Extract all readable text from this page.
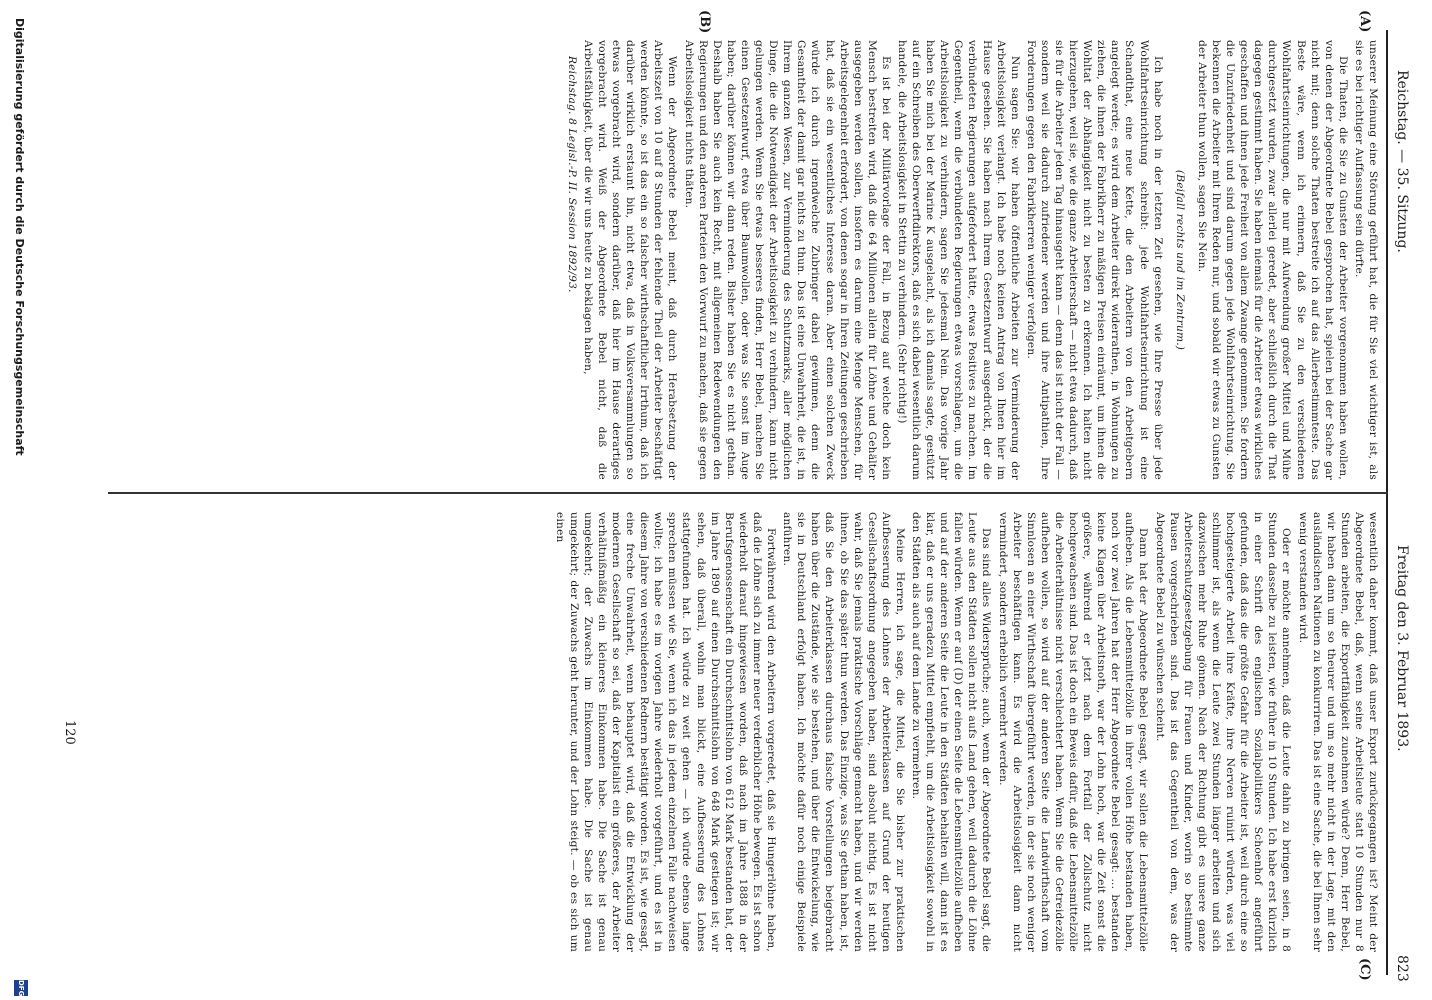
Reichstag. — 35. Sitzung.
Freitag den 3. Februar 1893.
823
(A)
(B)
(C)

unserer Meinung eine Störung geführt hat, die für Sie viel wichtiger ist, als sie es bei richtiger Auffassung sein dürfte.

Die Thaten, die Sie zu Gunsten der Arbeiter vorgenommen haben wollen, von denen der Abgeordnete Bebel gesprochen hat, spielen bei der Sache gar nicht mit; denn solche Thaten bestreite ich auf das Allerbestimmteste. Das Beste wäre, wenn ich erinnern, daß Sie zu den verschiedenen Wohlfahrtseinrichtungen, die nur mit Aufwendung großer Mittel und Mühe durchgesetzt wurden, zwar allerlei geredet, aber schließlich durch die That dagegen gestimmt haben. Sie haben niemals für die Arbeiter etwas wirkliches geschaffen und ihnen jede Freiheit von allem Zwange genommen. Sie fordern die Unzufriedenheit und sind darum gegen jede Wohlfahrtseinrichtung. Sie bekennen die Arbeiter mit Ihren Reden nur, und sobald wir etwas zu Gunsten der Arbeiter thun wollen, sagen Sie Nein.

(Beifall rechts und im Zentrum.)

Ich habe noch in der letzten Zeit gesehen, wie Ihre Presse über jede Wohlfahrtseinrichtung schreibt: jede Wohlfahrtseinrichtung ist eine Schandthat, eine neue Kette, die den Arbeitern von den Arbeitgebern angelegt werde; es wird dem Arbeiter direkt widerrathen, in Wohnungen zu ziehen, die ihnen der Fabrikherr zu mäßigen Preisen einräumt, um ihnen die Wohltat der Abhängigkeit nicht zu besten zu erkennen. Ich halten nicht hierzugehen, weil sie, wie die ganze Arbeiterschaft — nicht etwa dadurch, daß sie für die Arbeiter jeden Tag hinausgeht kann — denn das ist nicht der Fall — sondern weil sie dadurch zufriedener werden und ihre Antipathien, Ihre Forderungen gegen den Fabrikherren weniger verfolgen.

Nun sagen Sie: wir haben öffentliche Arbeiten zur Verminderung der Arbeitslosigkeit verlangt. Ich habe noch keinen Antrag von Ihnen hier im Hause gesehen. Sie haben nach Ihrem Gesetzentwurf ausgedrückt, der die verbündeten Regierungen aufgefordert hätte, etwas Positives zu machen. Im Gegentheil, wenn die verbündeten Regierungen etwas vorschlagen, um die Arbeitslosigkeit zu verhindern, sagen Sie jedesmal Nein. Das vorige Jahr haben Sie mich bei der Marine K ausgelacht, als ich damals sagte, gestützt auf ein Schreiben des Oberwerftdirektors, daß es sich dabei wesentlich darum handele, die Arbeitslosigkeit in Stettin zu verhindern. (Sehr richtig!)

Es ist bei der Militärvorlage der Fall, in Bezug auf welche doch kein Mensch bestreiten wird, daß die 64 Millionen allein für Löhne und Gehälter ausgegeben werden sollen, insofern es darum eine Menge Menschen, für Arbeitsgelegenheit erfordert, von denen sogar in Ihren Zeitungen geschrieben hat, daß sie ein wesentliches Interesse daran. Aber einen solchen Zweck würde ich durch irgendwelche Zubringer dabei gewinnen, denn die Gesamtheit der damit gar nichts zu thun. Das ist eine Unwahrheit, die ist, in Ihrem ganzen Wesen, zur Verminderung des Schutzmarks, aller möglichen Dinge, die die Notwendigkeit der Arbeitslosigkeit zu verhindern, kann nicht gelungen werden. Wenn Sie etwas besseres finden, Herr Bebel, machen Sie einen Gesetzentwurf, etwa über Baumwollen, oder was Sie sonst im Auge haben; darüber können wir dann reden. Bisher haben Sie es nicht gethan. Deshalb haben Sie auch kein Recht, mit allgemeinen Redewendungen den Regierungen und den anderen Parteien den Vorwurf zu machen, daß sie gegen Arbeitslosigkeit nichts thäten.

Wenn der Abgeordnete Bebel meint, daß durch Herabsetzung der Arbeitszeit von 10 auf 8 Stunden der fehlende Theil der Arbeiter beschäftigt werden könnte, so ist das ein so falscher wirthschaftlicher Irrthum, daß ich darüber wirklich erstaunt bin, nicht etwa, daß in Volksversammlungen so etwas vorgebracht wird, sondern darüber, daß hier im Hause derartiges vorgebracht wird. Weiß der Abgeordnete Bebel nicht, daß die Arbeitsfähigkeit, über die wir uns heute zu beklagen haben,

Reichstag. 8 Legisl.-P. II. Session 1892/93.

wesentlich daher kommt, daß unser Export zurückgegangen ist? Meint der Abgeordnete Bebel, daß, wenn seine Arbeitsleute statt 10 Stunden nur 8 Stunden arbeiten, die Exportfähigkeit zunehmen würde? Denn, Herr Bebel, wir haben dann um so theurer und um so mehr nicht in der Lage, mit den ausländischen Nationen zu konkurriren. Das ist eine Sache, die bei Ihnen sehr wenig verstanden wird.

Oder er möchte annehmen, daß die Leute dahin zu bringen seien, in 8 Stunden dasselbe zu leisten, wie früher in 10 Stunden. Ich habe erst kürzlich in einer Schrift des englischen Sozialpolitikers Schoenhof angeführt gefunden, daß das die größte Gefahr für die Arbeiter ist, weil durch eine so hochgesteigerte Arbeit ihre Kräfte, ihre Nerven ruinirt würden, was viel schlimmer ist, als wenn die Leute zwei Stunden länger arbeiten und sich dazwischen mehr Ruhe gönnen. Nach der Richtung gibt es unsere ganze Arbeiterschutzgesetzgebung für Frauen und Kinder, worin so bestimmte Pausen vorgeschrieben sind. Das ist das Gegentheil von dem, was der Abgeordnete Bebel zu wünschen scheint.

Dann hat der Abgeordnete Bebel gesagt, wir sollen die Lebensmittelzölle aufheben. Als die Lebensmittelzölle in ihrer vollen Höhe bestanden haben, noch vor zwei Jahren hat der Herr Abgeordnete Bebel gesagt: ... bestanden keine Klagen über Arbeitsnoth, war der Lohn hoch, war die Zeit sonst die größere, während er jetzt nach dem Fortfall der Zollschutz nicht hochgewachsen sind. Das ist doch ein Beweis dafür, daß die Lebensmittelzölle die Arbeiterhältnisse nicht verschlechtert haben. Wenn Sie die Getreidezölle aufheben wollen, so wird auf der anderen Seite die Landwirthschaft vom Sinnlosen an einer Wirthschaft übergeführt werden, in der sie noch weniger Arbeiter beschäftigen kann. Es wird die Arbeitslosigkeit dann nicht vermindert, sondern erheblich vermehrt werden.

Das sind alles Widersprüche; auch, wenn der Abgeordnete Bebel sagt, die Leute aus den Städten sollen nicht aufs Land gehen, weil dadurch die Löhne fallen würden. Wenn er auf (D) der einen Seite die Lebensmittelzölle aufheben und auf der anderen Seite die Leute in den Städten behalten will, dann ist es klar, daß er uns geradezu Mittel empfiehlt, um die Arbeitslosigkeit sowohl in den Städten als auch auf dem Lande zu vermehren.

Meine Herren, ich sage, die Mittel, die Sie bisher zur praktischen Aufbesserung des Lohnes der Arbeiterklassen auf Grund der heutigen Gesellschaftsordnung angegeben haben, sind absolut nichtig. Es ist nicht wahr, daß Sie jemals praktische Vorschläge gemacht haben, und wir werden ihnen, ob Sie das später thun werden. Das Einzige, was Sie gethan haben, ist, daß Sie den Arbeiterklassen durchaus falsche Vorstellungen beigebracht haben über die Zustände, wie sie bestehen, und über die Entwickelung, wie sie in Deutschland erfolgt haben. Ich möchte dafür noch einige Beispiele anführen.

Fortwährend wird den Arbeitern vorgeredet, daß sie Hungerlöhne haben, daß die Löhne sich zu immer neuer verderblicher Höhe bewegen. Es ist schon wiederholt darauf hingewiesen worden, daß nach im Jahre 1888 in der Berufsgenossenschaft ein Durchschnittslohn von 612 Mark bestanden hat, der im Jahre 1890 auf einen Durchschnittslohn von 648 Mark gestiegen ist; wir sehen, daß überall, wohin man blickt, eine Aufbesserung des Lohnes stattgefunden hat. Ich würde zu weit gehen — ich würde ebenso lange sprechen müssen wie Sie, wenn ich das in jedem einzelnen Falle nachweisen wollte; ich habe es im vorigen Jahre wiederholt vorgeführt, und es ist in diesem Jahre von verschiedenen Rednern bestätigt worden. Es ist, wie gesagt, eine freche Unwahrheit, wenn behauptet wird, daß die Entwicklung der modernen Gesellschaft so sei, daß der Kapitalist ein größeres, der Arbeiter verhältnißmäßig ein kleineres Einkommen habe. Die Sache ist genau umgekehrt; der Zuwachs im Einkommen habe. Die Sache ist genau umgekehrt; der Zuwachs geht herunter, und der Lohn steigt. — ob es sich um einen

120
Digitalisierung gefördert durch die Deutsche Forschungsgemeinschaft
DFG
